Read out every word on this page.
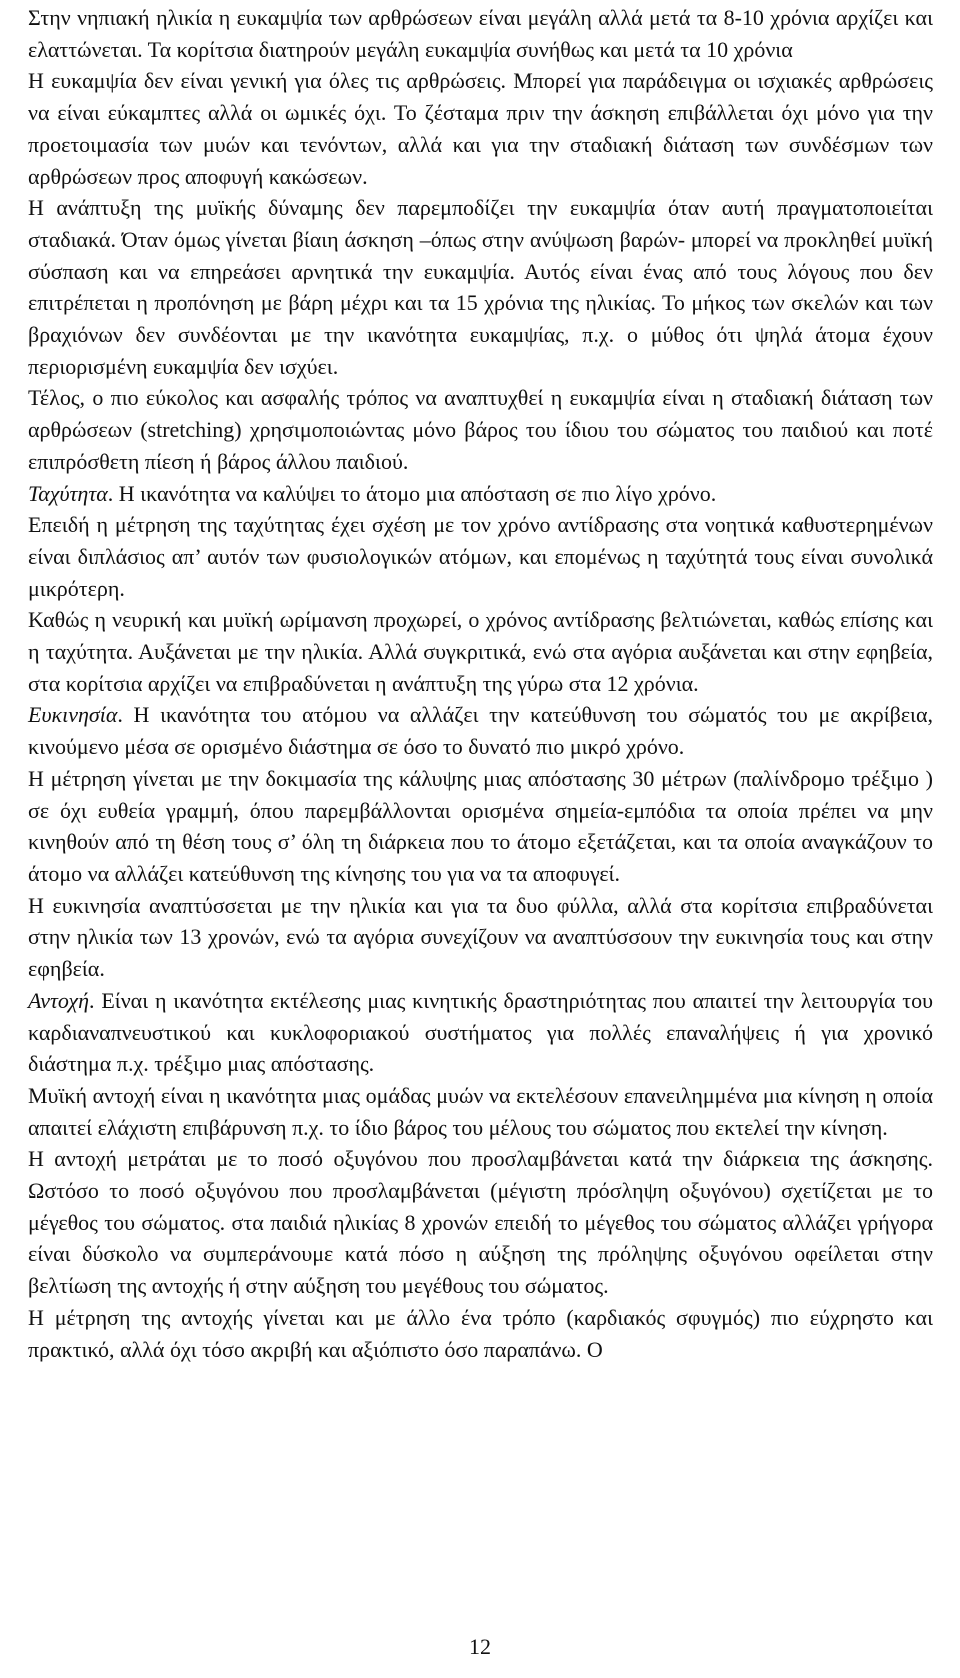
Στην νηπιακή ηλικία η ευκαμψία των αρθρώσεων είναι μεγάλη αλλά μετά τα 8-10 χρόνια αρχίζει και ελαττώνεται. Τα κορίτσια διατηρούν μεγάλη ευκαμψία συνήθως και μετά τα 10 χρόνια

Η ευκαμψία δεν είναι γενική για όλες τις αρθρώσεις. Μπορεί για παράδειγμα οι ισχιακές αρθρώσεις να είναι εύκαμπτες αλλά οι ωμικές όχι. Το ζέσταμα πριν την άσκηση επιβάλλεται όχι μόνο για την προετοιμασία των μυών και τενόντων, αλλά και για την σταδιακή διάταση των συνδέσμων των αρθρώσεων προς αποφυγή κακώσεων.

Η ανάπτυξη της μυϊκής δύναμης δεν παρεμποδίζει την ευκαμψία όταν αυτή πραγματοποιείται σταδιακά. Όταν όμως γίνεται βίαιη άσκηση –όπως στην ανύψωση βαρών- μπορεί να προκληθεί μυϊκή σύσπαση και να επηρεάσει αρνητικά την ευκαμψία. Αυτός είναι ένας από τους λόγους που δεν επιτρέπεται η προπόνηση με βάρη μέχρι και τα 15 χρόνια της ηλικίας. Το μήκος των σκελών και των βραχιόνων δεν συνδέονται με την ικανότητα ευκαμψίας, π.χ. ο μύθος ότι ψηλά άτομα έχουν περιορισμένη ευκαμψία δεν ισχύει.

Τέλος, ο πιο εύκολος και ασφαλής τρόπος να αναπτυχθεί η ευκαμψία είναι η σταδιακή διάταση των αρθρώσεων (stretching) χρησιμοποιώντας μόνο βάρος του ίδιου του σώματος του παιδιού και ποτέ επιπρόσθετη πίεση ή βάρος άλλου παιδιού.

Ταχύτητα. Η ικανότητα να καλύψει το άτομο μια απόσταση σε πιο λίγο χρόνο.

Επειδή η μέτρηση της ταχύτητας έχει σχέση με τον χρόνο αντίδρασης στα νοητικά καθυστερημένων είναι διπλάσιος απ’ αυτόν των φυσιολογικών ατόμων, και επομένως η ταχύτητά τους είναι συνολικά μικρότερη.

Καθώς η νευρική και μυϊκή ωρίμανση προχωρεί, ο χρόνος αντίδρασης βελτιώνεται, καθώς επίσης και η ταχύτητα. Αυξάνεται με την ηλικία. Αλλά συγκριτικά, ενώ στα αγόρια αυξάνεται και στην εφηβεία, στα κορίτσια αρχίζει να επιβραδύνεται η ανάπτυξη της γύρω στα 12 χρόνια.

Ευκινησία. Η ικανότητα του ατόμου να αλλάζει την κατεύθυνση του σώματός του με ακρίβεια, κινούμενο μέσα σε ορισμένο διάστημα σε όσο το δυνατό πιο μικρό χρόνο.

Η μέτρηση γίνεται με την δοκιμασία της κάλυψης μιας απόστασης 30 μέτρων (παλίνδρομο τρέξιμο ) σε όχι ευθεία γραμμή, όπου παρεμβάλλονται ορισμένα σημεία-εμπόδια τα οποία πρέπει να μην κινηθούν από τη θέση τους σ’ όλη τη διάρκεια που το άτομο εξετάζεται, και τα οποία αναγκάζουν το άτομο να αλλάζει κατεύθυνση της κίνησης του για να τα αποφυγεί.

Η ευκινησία αναπτύσσεται με την ηλικία και για τα δυο φύλλα, αλλά στα κορίτσια επιβραδύνεται στην ηλικία των 13 χρονών, ενώ τα αγόρια συνεχίζουν να αναπτύσσουν την ευκινησία τους και στην εφηβεία.

Αντοχή. Είναι η ικανότητα εκτέλεσης μιας κινητικής δραστηριότητας που απαιτεί την λειτουργία του καρδιαναπνευστικού και κυκλοφοριακού συστήματος για πολλές επαναλήψεις ή για χρονικό διάστημα π.χ. τρέξιμο μιας απόστασης.

Μυϊκή αντοχή είναι η ικανότητα μιας ομάδας μυών να εκτελέσουν επανειλημμένα μια κίνηση η οποία απαιτεί ελάχιστη επιβάρυνση π.χ. το ίδιο βάρος του μέλους του σώματος που εκτελεί την κίνηση.

Η αντοχή μετράται με το ποσό οξυγόνου που προσλαμβάνεται κατά την διάρκεια της άσκησης. Ωστόσο το ποσό οξυγόνου που προσλαμβάνεται (μέγιστη πρόσληψη οξυγόνου) σχετίζεται με το μέγεθος του σώματος. στα παιδιά ηλικίας 8 χρονών επειδή το μέγεθος του σώματος αλλάζει γρήγορα είναι δύσκολο να συμπεράνουμε κατά πόσο η αύξηση της πρόληψης οξυγόνου οφείλεται στην βελτίωση της αντοχής ή στην αύξηση του μεγέθους του σώματος.

Η μέτρηση της αντοχής γίνεται και με άλλο ένα τρόπο (καρδιακός σφυγμός) πιο εύχρηστο και πρακτικό, αλλά όχι τόσο ακριβή και αξιόπιστο όσο παραπάνω. Ο

12
